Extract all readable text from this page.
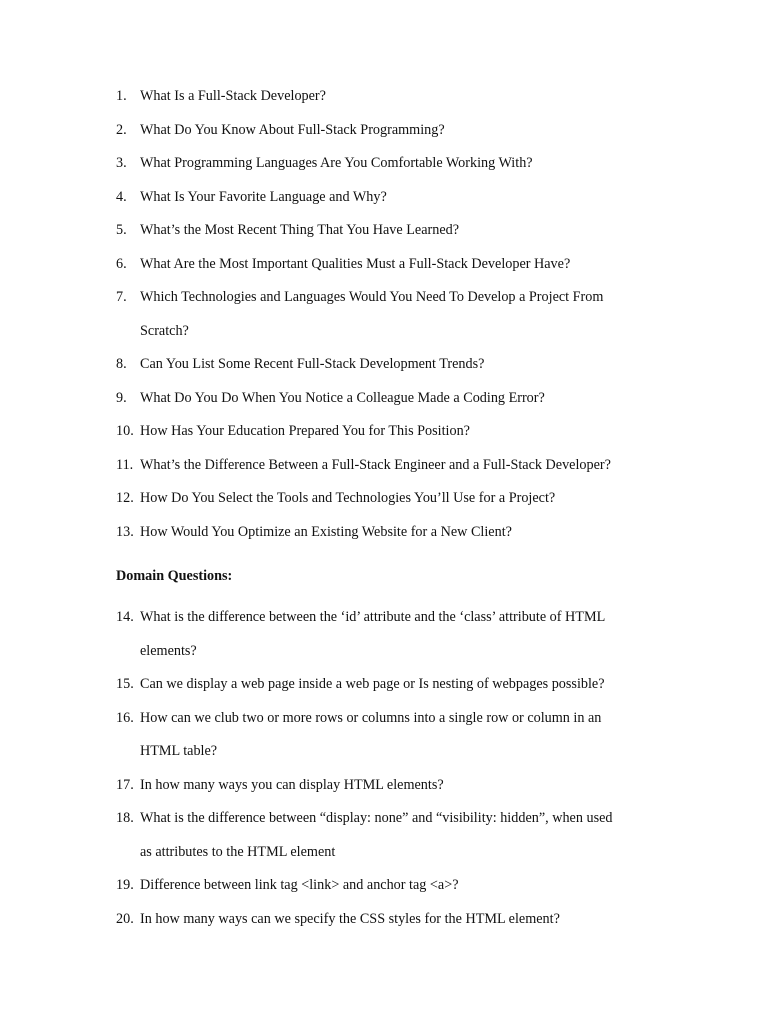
1. What Is a Full-Stack Developer?
2. What Do You Know About Full-Stack Programming?
3. What Programming Languages Are You Comfortable Working With?
4. What Is Your Favorite Language and Why?
5. What’s the Most Recent Thing That You Have Learned?
6. What Are the Most Important Qualities Must a Full-Stack Developer Have?
7. Which Technologies and Languages Would You Need To Develop a Project From
Scratch?
8. Can You List Some Recent Full-Stack Development Trends?
9. What Do You Do When You Notice a Colleague Made a Coding Error?
10. How Has Your Education Prepared You for This Position?
11. What’s the Difference Between a Full-Stack Engineer and a Full-Stack Developer?
12. How Do You Select the Tools and Technologies You’ll Use for a Project?
13. How Would You Optimize an Existing Website for a New Client?
Domain Questions:
14. What is the difference between the ‘id’ attribute and the ‘class’ attribute of HTML
elements?
15. Can we display a web page inside a web page or Is nesting of webpages possible?
16. How can we club two or more rows or columns into a single row or column in an
HTML table?
17. In how many ways you can display HTML elements?
18. What is the difference between “display: none” and “visibility: hidden”, when used
as attributes to the HTML element
19. Difference between link tag <link> and anchor tag <a>?
20. In how many ways can we specify the CSS styles for the HTML element?
